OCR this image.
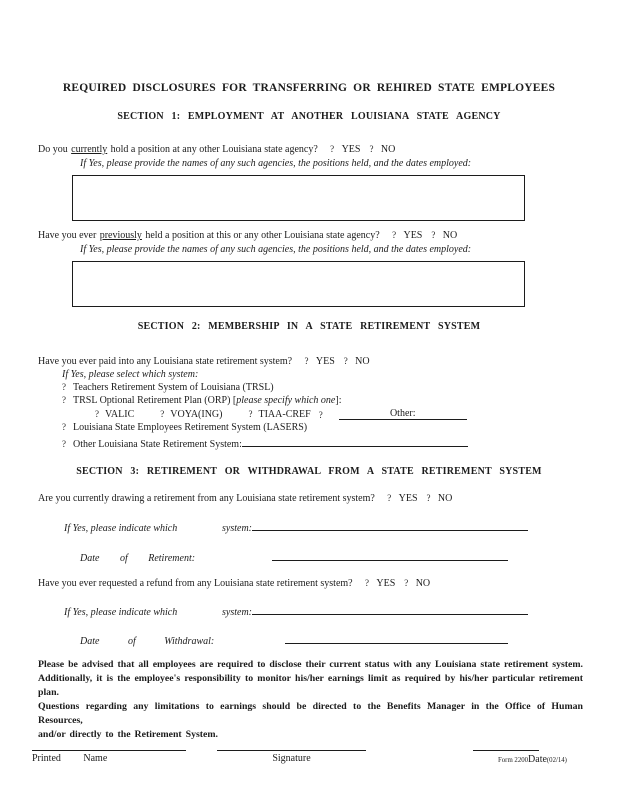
REQUIRED DISCLOSURES FOR TRANSFERRING OR REHIRED STATE EMPLOYEES
SECTION 1: EMPLOYMENT AT ANOTHER LOUISIANA STATE AGENCY
Do you currently hold a position at any other Louisiana state agency? ? YES ? NO
If Yes, please provide the names of any such agencies, the positions held, and the dates employed:
Have you ever previously held a position at this or any other Louisiana state agency? ? YES ? NO
If Yes, please provide the names of any such agencies, the positions held, and the dates employed:
SECTION 2: MEMBERSHIP IN A STATE RETIREMENT SYSTEM
Have you ever paid into any Louisiana state retirement system? ? YES ? NO
If Yes, please select which system:
? Teachers Retirement System of Louisiana (TRSL)
? TRSL Optional Retirement Plan (ORP) [please specify which one]:
? VALIC	? VOYA(ING)	? TIAA-CREF ?	Other:
? Louisiana State Employees Retirement System (LASERS)
? Other Louisiana State Retirement System:
SECTION 3: RETIREMENT OR WITHDRAWAL FROM A STATE RETIREMENT SYSTEM
Are you currently drawing a retirement from any Louisiana state retirement system? ? YES ? NO
If Yes, please indicate which	system:
Date of Retirement:
Have you ever requested a refund from any Louisiana state retirement system? ? YES ? NO
If Yes, please indicate which	system:
Date of Withdrawal:
Please be advised that all employees are required to disclose their current status with any Louisiana state retirement system.
Additionally, it is the employee's responsibility to monitor his/her earnings limit as required by his/her particular retirement plan.
Questions regarding any limitations to earnings should be directed to the Benefits Manager in the Office of Human Resources,
and/or directly to the Retirement System.
Printed Name	Signature	Form 2200Date(02/14)
